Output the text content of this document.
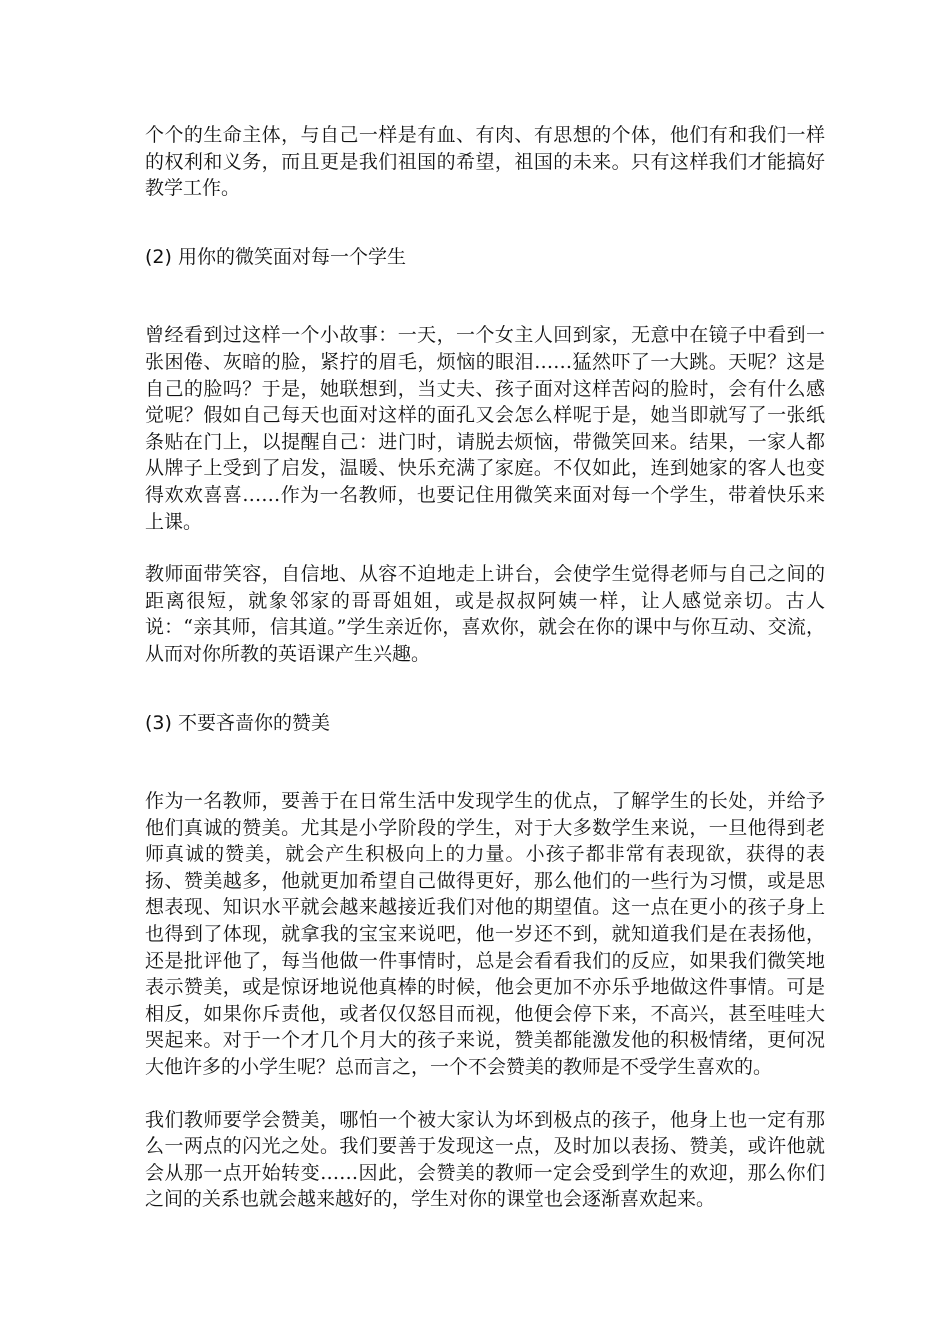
个个的生命主体，与自己一样是有血、有肉、有思想的个体，他们有和我们一样的权利和义务，而且更是我们祖国的希望，祖国的未来。只有这样我们才能搞好教学工作。

(2) 用你的微笑面对每一个学生

曾经看到过这样一个小故事：一天，一个女主人回到家，无意中在镜子中看到一张困倦、灰暗的脸，紧拧的眉毛，烦恼的眼泪……猛然吓了一大跳。天呢？这是自己的脸吗？于是，她联想到，当丈夫、孩子面对这样苦闷的脸时，会有什么感觉呢？假如自己每天也面对这样的面孔又会怎么样呢于是，她当即就写了一张纸条贴在门上，以提醒自己：进门时，请脱去烦恼，带微笑回来。结果，一家人都从牌子上受到了启发，温暖、快乐充满了家庭。不仅如此，连到她家的客人也变得欢欢喜喜……作为一名教师，也要记住用微笑来面对每一个学生，带着快乐来上课。

教师面带笑容，自信地、从容不迫地走上讲台，会使学生觉得老师与自己之间的距离很短，就象邻家的哥哥姐姐，或是叔叔阿姨一样，让人感觉亲切。古人说：“亲其师，信其道。”学生亲近你，喜欢你，就会在你的课中与你互动、交流，从而对你所教的英语课产生兴趣。

(3) 不要吝啬你的赞美

作为一名教师，要善于在日常生活中发现学生的优点，了解学生的长处，并给予他们真诚的赞美。尤其是小学阶段的学生，对于大多数学生来说，一旦他得到老师真诚的赞美，就会产生积极向上的力量。小孩子都非常有表现欲，获得的表扬、赞美越多，他就更加希望自己做得更好，那么他们的一些行为习惯，或是思想表现、知识水平就会越来越接近我们对他的期望值。这一点在更小的孩子身上也得到了体现，就拿我的宝宝来说吧，他一岁还不到，就知道我们是在表扬他，还是批评他了，每当他做一件事情时，总是会看看我们的反应，如果我们微笑地表示赞美，或是惊讶地说他真棒的时候，他会更加不亦乐乎地做这件事情。可是相反，如果你斥责他，或者仅仅怒目而视，他便会停下来，不高兴，甚至哇哇大哭起来。对于一个才几个月大的孩子来说，赞美都能激发他的积极情绪，更何况大他许多的小学生呢？总而言之，一个不会赞美的教师是不受学生喜欢的。

我们教师要学会赞美，哪怕一个被大家认为坏到极点的孩子，他身上也一定有那么一两点的闪光之处。我们要善于发现这一点，及时加以表扬、赞美，或许他就会从那一点开始转变……因此，会赞美的教师一定会受到学生的欢迎，那么你们之间的关系也就会越来越好的，学生对你的课堂也会逐渐喜欢起来。
